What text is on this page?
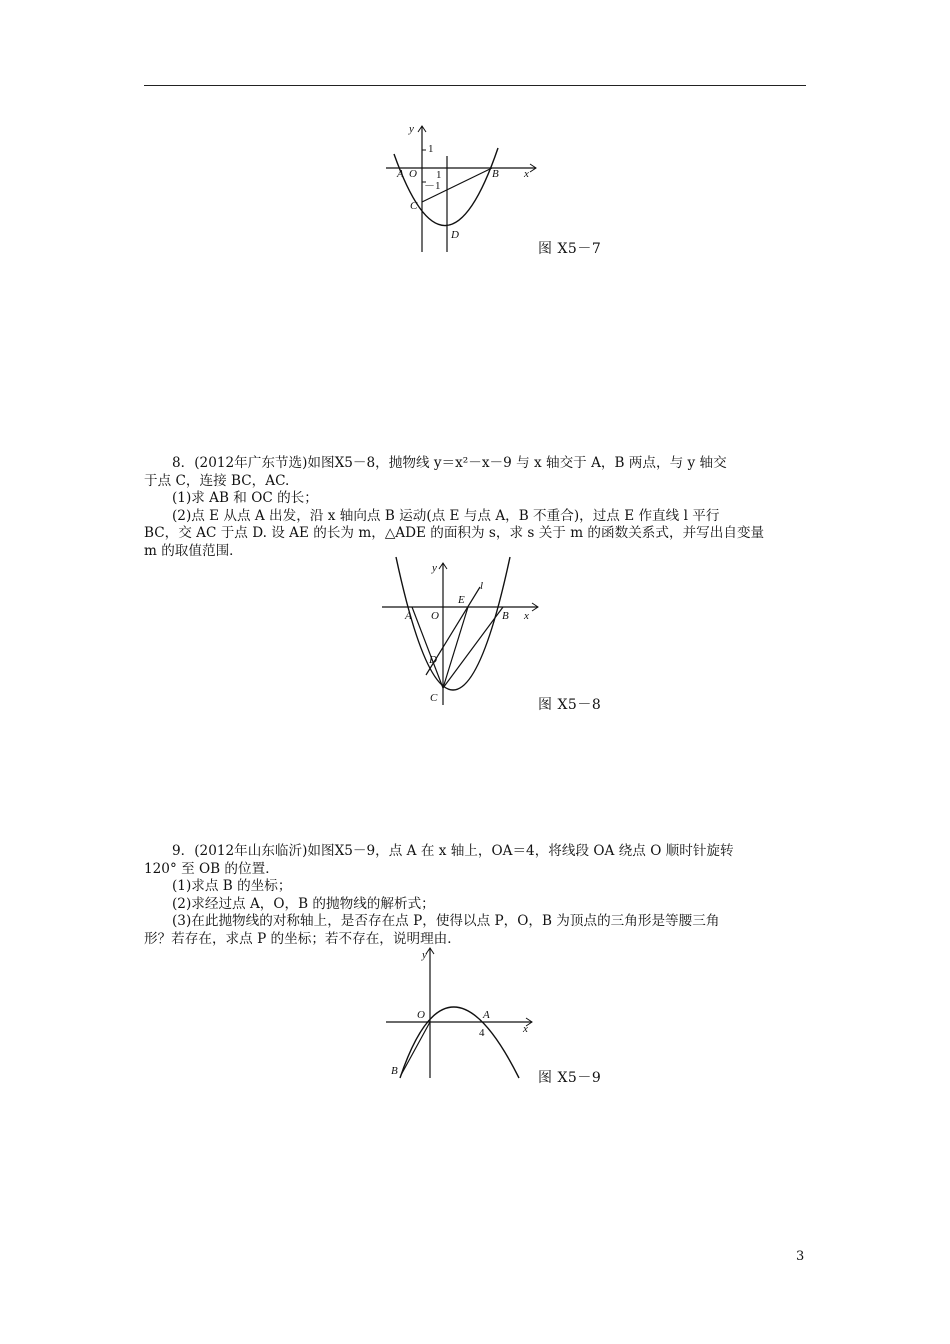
y
x
1
1
－1
A O	B
C
D
图 X5－7
8．(2012年广东节选)如图X5－8，抛物线 y＝x²－x－9 与 x 轴交于 A，B 两点，与 y 轴交
于点 C，连接 BC，AC.
(1)求 AB 和 OC 的长；
(2)点 E 从点 A 出发，沿 x 轴向点 B 运动(点 E 与点 A，B 不重合)，过点 E 作直线 l 平行
BC，交 AC 于点 D. 设 AE 的长为 m，△ADE 的面积为 s，求 s 关于 m 的函数关系式，并写出自变量
m 的取值范围．
y
x
l
E
A O	B
D
C	图 X5－8
9．(2012年山东临沂)如图X5－9，点 A 在 x 轴上，OA＝4，将线段 OA 绕点 O 顺时针旋转
120° 至 OB 的位置．
(1)求点 B 的坐标；
(2)求经过点 A，O，B 的抛物线的解析式；
(3)在此抛物线的对称轴上，是否存在点 P，使得以点 P，O，B 为顶点的三角形是等腰三角
形？若存在，求点 P 的坐标；若不存在，说明理由．
y
x
O	A
4
B	图 X5－9
3
